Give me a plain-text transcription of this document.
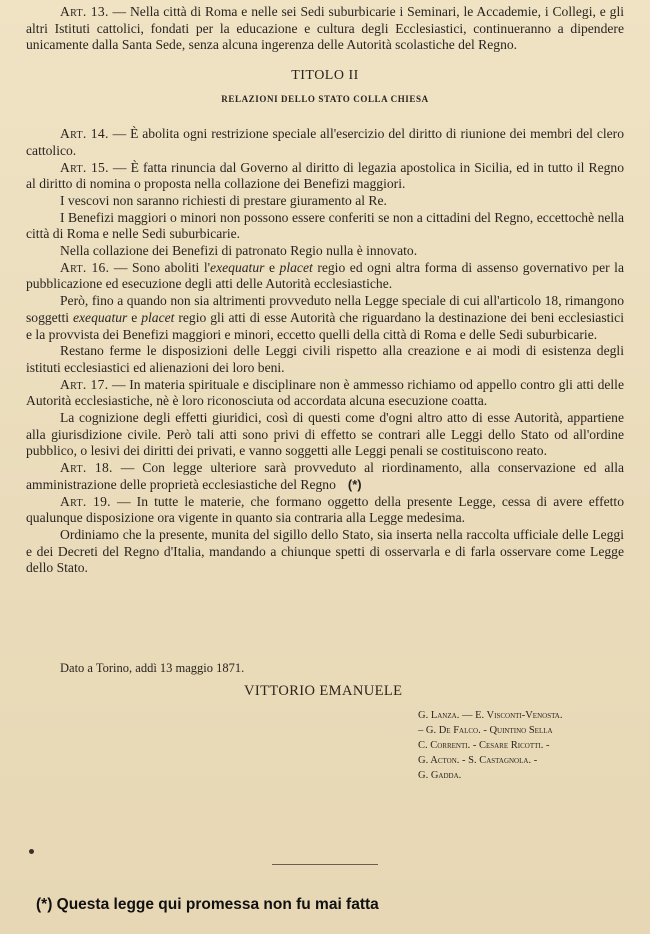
Art. 13. — Nella città di Roma e nelle sei Sedi suburbicarie i Seminari, le Accademie, i Collegi, e gli altri Istituti cattolici, fondati per la educazione e cultura degli Ecclesiastici, continueranno a dipendere unicamente dalla Santa Sede, senza alcuna ingerenza delle Autorità scolastiche del Regno.

TITOLO II
RELAZIONI DELLO STATO COLLA CHIESA

Art. 14. — È abolita ogni restrizione speciale all'esercizio del diritto di riunione dei membri del clero cattolico.

Art. 15. — È fatta rinuncia dal Governo al diritto di legazia apostolica in Sicilia, ed in tutto il Regno al diritto di nomina o proposta nella collazione dei Benefizi maggiori.

I vescovi non saranno richiesti di prestare giuramento al Re.

I Benefizi maggiori o minori non possono essere conferiti se non a cittadini del Regno, eccettochè nella città di Roma e nelle Sedi suburbicarie.

Nella collazione dei Benefizi di patronato Regio nulla è innovato.

Art. 16. — Sono aboliti l'exequatur e placet regio ed ogni altra forma di assenso governativo per la pubblicazione ed esecuzione degli atti delle Autorità ecclesiastiche.

Però, fino a quando non sia altrimenti provveduto nella Legge speciale di cui all'articolo 18, rimangono soggetti exequatur e placet regio gli atti di esse Autorità che riguardano la destinazione dei beni ecclesiastici e la provvista dei Benefizi maggiori e minori, eccetto quelli della città di Roma e delle Sedi suburbicarie.

Restano ferme le disposizioni delle Leggi civili rispetto alla creazione e ai modi di esistenza degli istituti ecclesiastici ed alienazioni dei loro beni.

Art. 17. — In materia spirituale e disciplinare non è ammesso richiamo od appello contro gli atti delle Autorità ecclesiastiche, nè è loro riconosciuta od accordata alcuna esecuzione coatta.

La cognizione degli effetti giuridici, così di questi come d'ogni altro atto di esse Autorità, appartiene alla giurisdizione civile. Però tali atti sono privi di effetto se contrari alle Leggi dello Stato od all'ordine pubblico, o lesivi dei diritti dei privati, e vanno soggetti alle Leggi penali se costituiscono reato.

Art. 18. — Con legge ulteriore sarà provveduto al riordinamento, alla conservazione ed alla amministrazione delle proprietà ecclesiastiche del Regno (*)

Art. 19. — In tutte le materie, che formano oggetto della presente Legge, cessa di avere effetto qualunque disposizione ora vigente in quanto sia contraria alla Legge medesima.

Ordiniamo che la presente, munita del sigillo dello Stato, sia inserta nella raccolta ufficiale delle Leggi e dei Decreti del Regno d'Italia, mandando a chiunque spetti di osservarla e di farla osservare come Legge dello Stato.

Dato a Torino, addì 13 maggio 1871.
VITTORIO EMANUELE
G. Lanza. — E. Visconti-Venosta.
– G. De Falco. - Quintino Sella
C. Correnti. - Cesare Ricotti. -
G. Acton. - S. Castagnola. -
G. Gadda.
(*) Questa legge qui promessa non fu mai fatta
